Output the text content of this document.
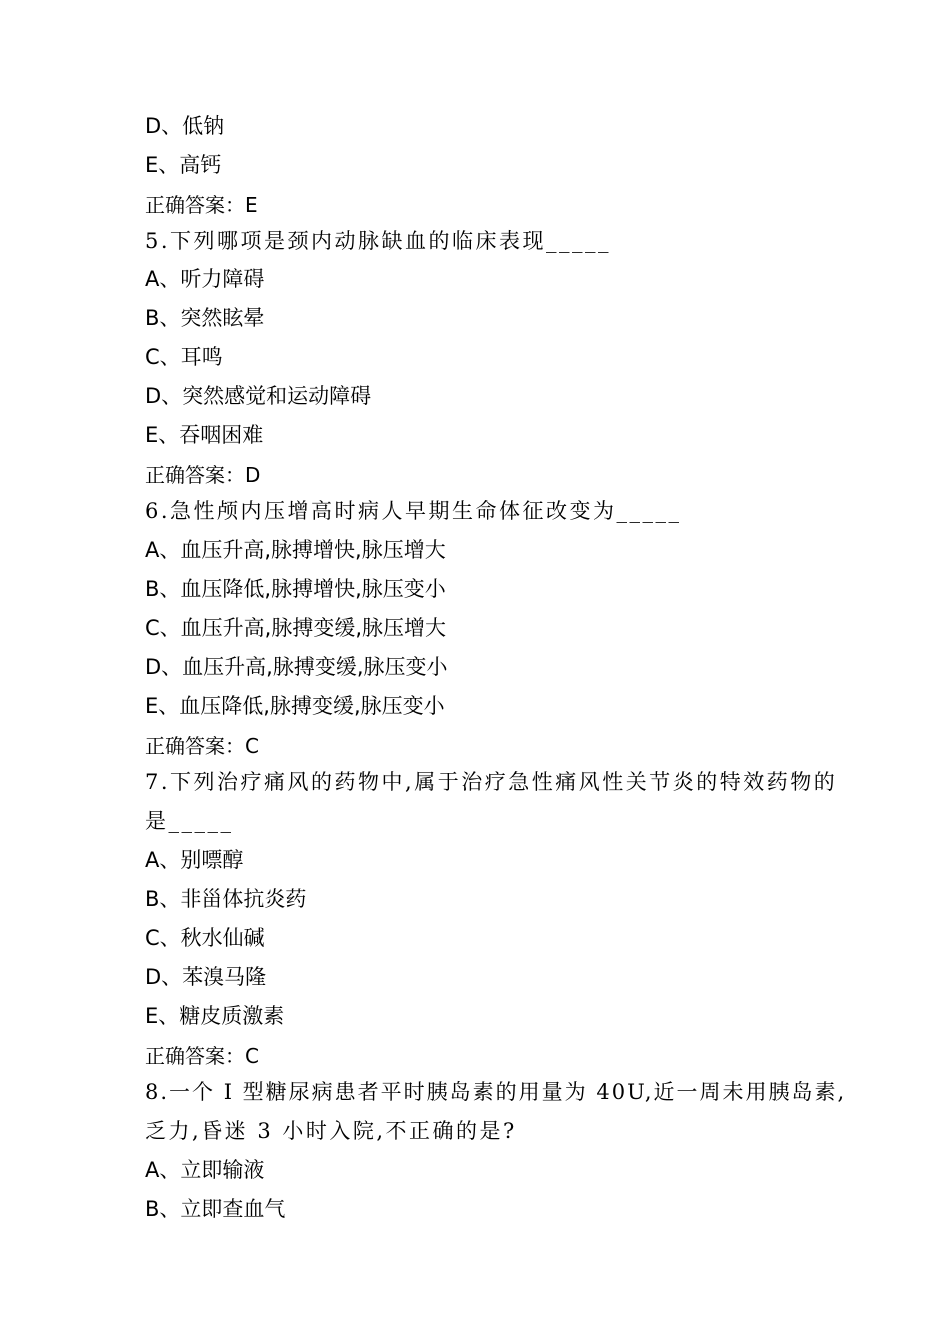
D、低钠
E、高钙
正确答案：E
5.下列哪项是颈内动脉缺血的临床表现_____
A、听力障碍
B、突然眩晕
C、耳鸣
D、突然感觉和运动障碍
E、吞咽困难
正确答案：D
6.急性颅内压增高时病人早期生命体征改变为_____
A、血压升高,脉搏增快,脉压增大
B、血压降低,脉搏增快,脉压变小
C、血压升高,脉搏变缓,脉压增大
D、血压升高,脉搏变缓,脉压变小
E、血压降低,脉搏变缓,脉压变小
正确答案：C
7.下列治疗痛风的药物中,属于治疗急性痛风性关节炎的特效药物的
是_____
A、别嘌醇
B、非甾体抗炎药
C、秋水仙碱
D、苯溴马隆
E、糖皮质激素
正确答案：C
8.一个 I 型糖尿病患者平时胰岛素的用量为 40U,近一周未用胰岛素,
乏力,昏迷 3 小时入院,不正确的是?
A、立即输液
B、立即查血气
